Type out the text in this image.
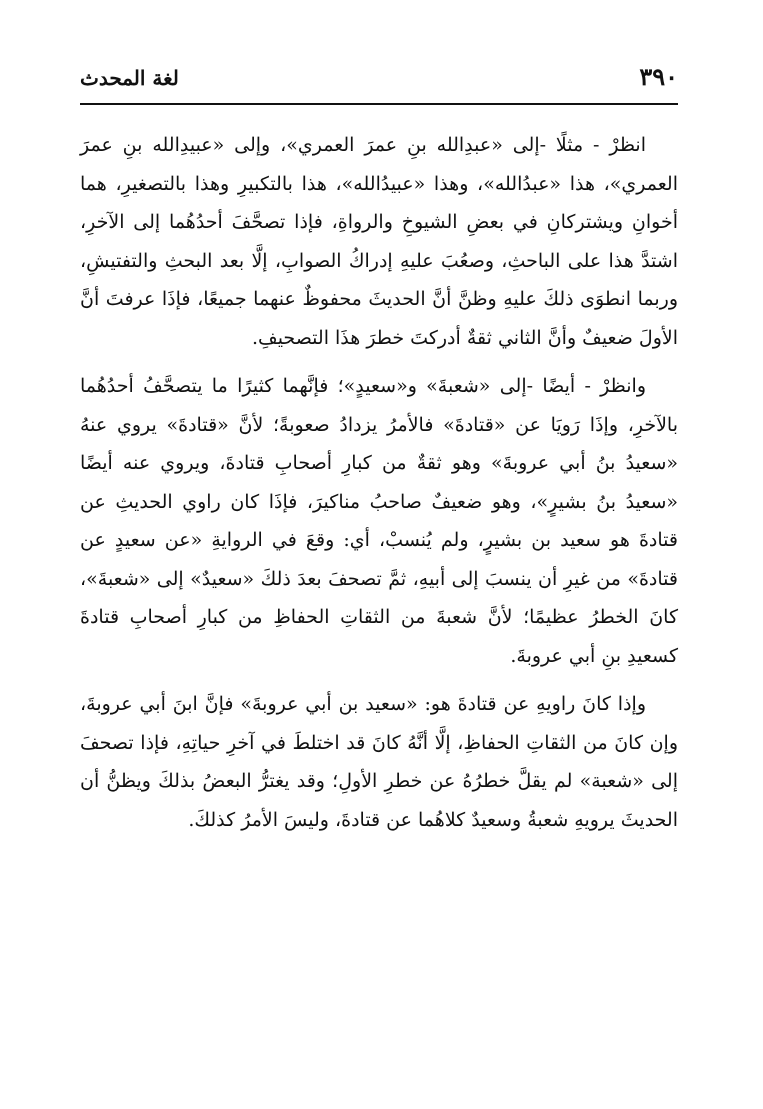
٣٩٠
لغة المحدث

انظرْ - مثلًا -إلى «عبدِالله بنِ عمرَ العمري»، وإلى «عبيدِالله بنِ عمرَ العمري»، هذا «عبدُالله»، وهذا «عبيدُالله»، هذا بالتكبيرِ وهذا بالتصغيرِ، هما أخوانِ ويشتركانِ في بعضِ الشيوخِ والرواةِ، فإذا تصحَّفَ أحدُهُما إلى الآخرِ، اشتدَّ هذا على الباحثِ، وصعُبَ عليهِ إدراكُ الصوابِ، إلَّا بعد البحثِ والتفتيشِ، وربما انطوَى ذلكَ عليهِ وظنَّ أنَّ الحديثَ محفوظٌ عنهما جميعًا، فإذَا عرفتَ أنَّ الأولَ ضعيفٌ وأنَّ الثاني ثقةٌ أدركتَ خطرَ هذَا التصحيفِ.

وانظرْ - أيضًا -إلى «شعبةَ» و«سعيدٍ»؛ فإنَّهما كثيرًا ما يتصحَّفُ أحدُهُما بالآخرِ، وإذَا رَويَا عن «قتادةَ» فالأمرُ يزدادُ صعوبةً؛ لأنَّ «قتادةَ» يروي عنهُ «سعيدُ بنُ أبي عروبةَ» وهو ثقةٌ من كبارِ أصحابِ قتادةَ، ويروي عنه أيضًا «سعيدُ بنُ بشيرٍ»، وهو ضعيفٌ صاحبُ مناكيرَ، فإذَا كان راوي الحديثِ عن قتادةَ هو سعيد بن بشيرٍ، ولم يُنسبْ، أي: وقعَ في الروايةِ «عن سعيدٍ عن قتادةَ» من غيرِ أن ينسبَ إلى أبيهِ، ثمَّ تصحفَ بعدَ ذلكَ «سعيدٌ» إلى «شعبةَ»، كانَ الخطرُ عظيمًا؛ لأنَّ شعبةَ من الثقاتِ الحفاظِ من كبارِ أصحابِ قتادةَ كسعيدِ بنِ أبي عروبةَ.

وإذا كانَ راويهِ عن قتادةَ هو: «سعيد بن أبي عروبةَ» فإنَّ ابنَ أبي عروبةَ، وإن كانَ من الثقاتِ الحفاظِ، إلَّا أنَّهُ كانَ قد اختلطَ في آخرِ حياتِهِ، فإذا تصحفَ إلى «شعبة» لم يقلَّ خطرُهُ عن خطرِ الأولِ؛ وقد يغترُّ البعضُ بذلكَ ويظنُّ أن الحديثَ يرويهِ شعبةُ وسعيدٌ كلاهُما عن قتادةَ، وليسَ الأمرُ كذلكَ.
